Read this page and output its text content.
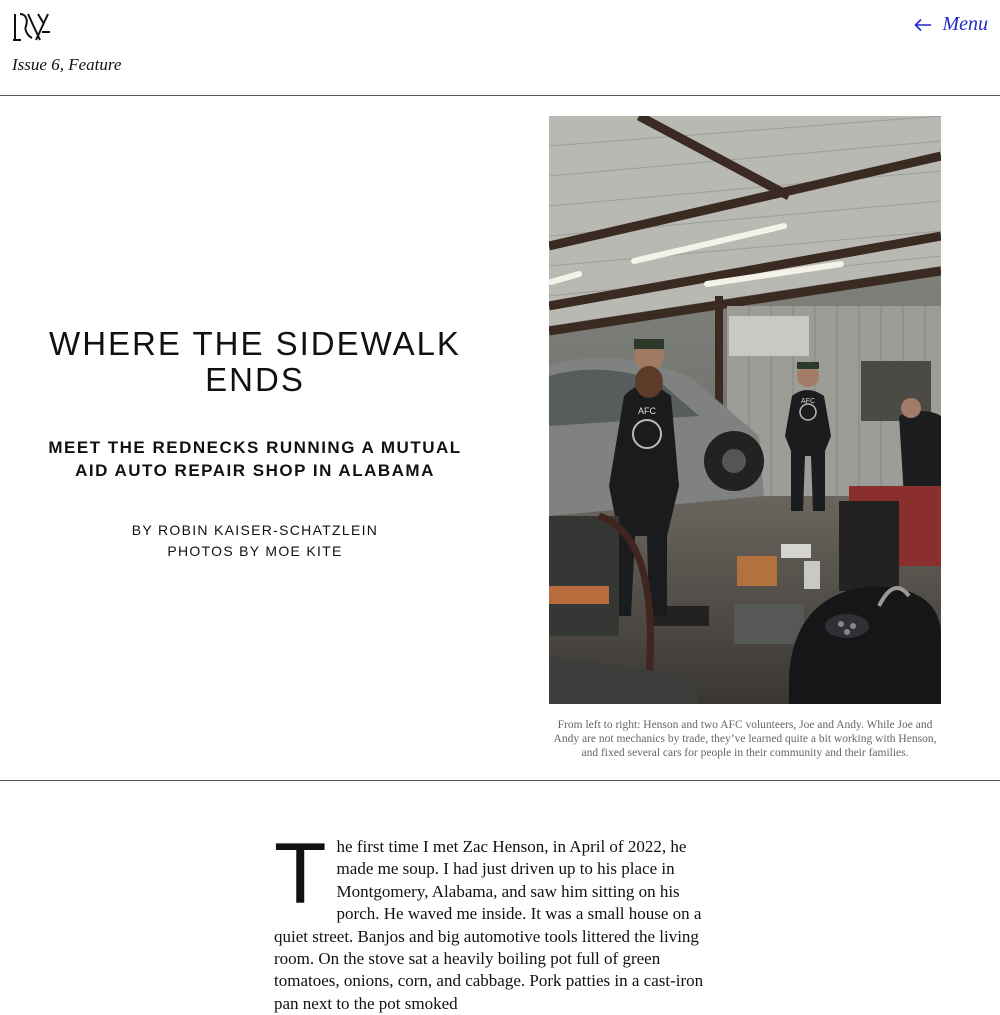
Issue 6, Feature
Menu
WHERE THE SIDEWALK ENDS
MEET THE REDNECKS RUNNING A MUTUAL AID AUTO REPAIR SHOP IN ALABAMA
BY ROBIN KAISER-SCHATZLEIN
PHOTOS BY MOE KITE
AFC
AFC
From left to right: Henson and two AFC volunteers, Joe and Andy. While Joe and Andy are not mechanics by trade, they’ve learned quite a bit working with Henson, and fixed several cars for people in their community and their families.
T he first time I met Zac Henson, in April of 2022, he made me soup. I had just driven up to his place in Montgomery, Alabama, and saw him sitting on his porch. He waved me inside. It was a small house on a quiet street. Banjos and big automotive tools littered the living room. On the stove sat a heavily boiling pot full of green tomatoes, onions, corn, and cabbage. Pork patties in a cast-iron pan next to the pot smoked
